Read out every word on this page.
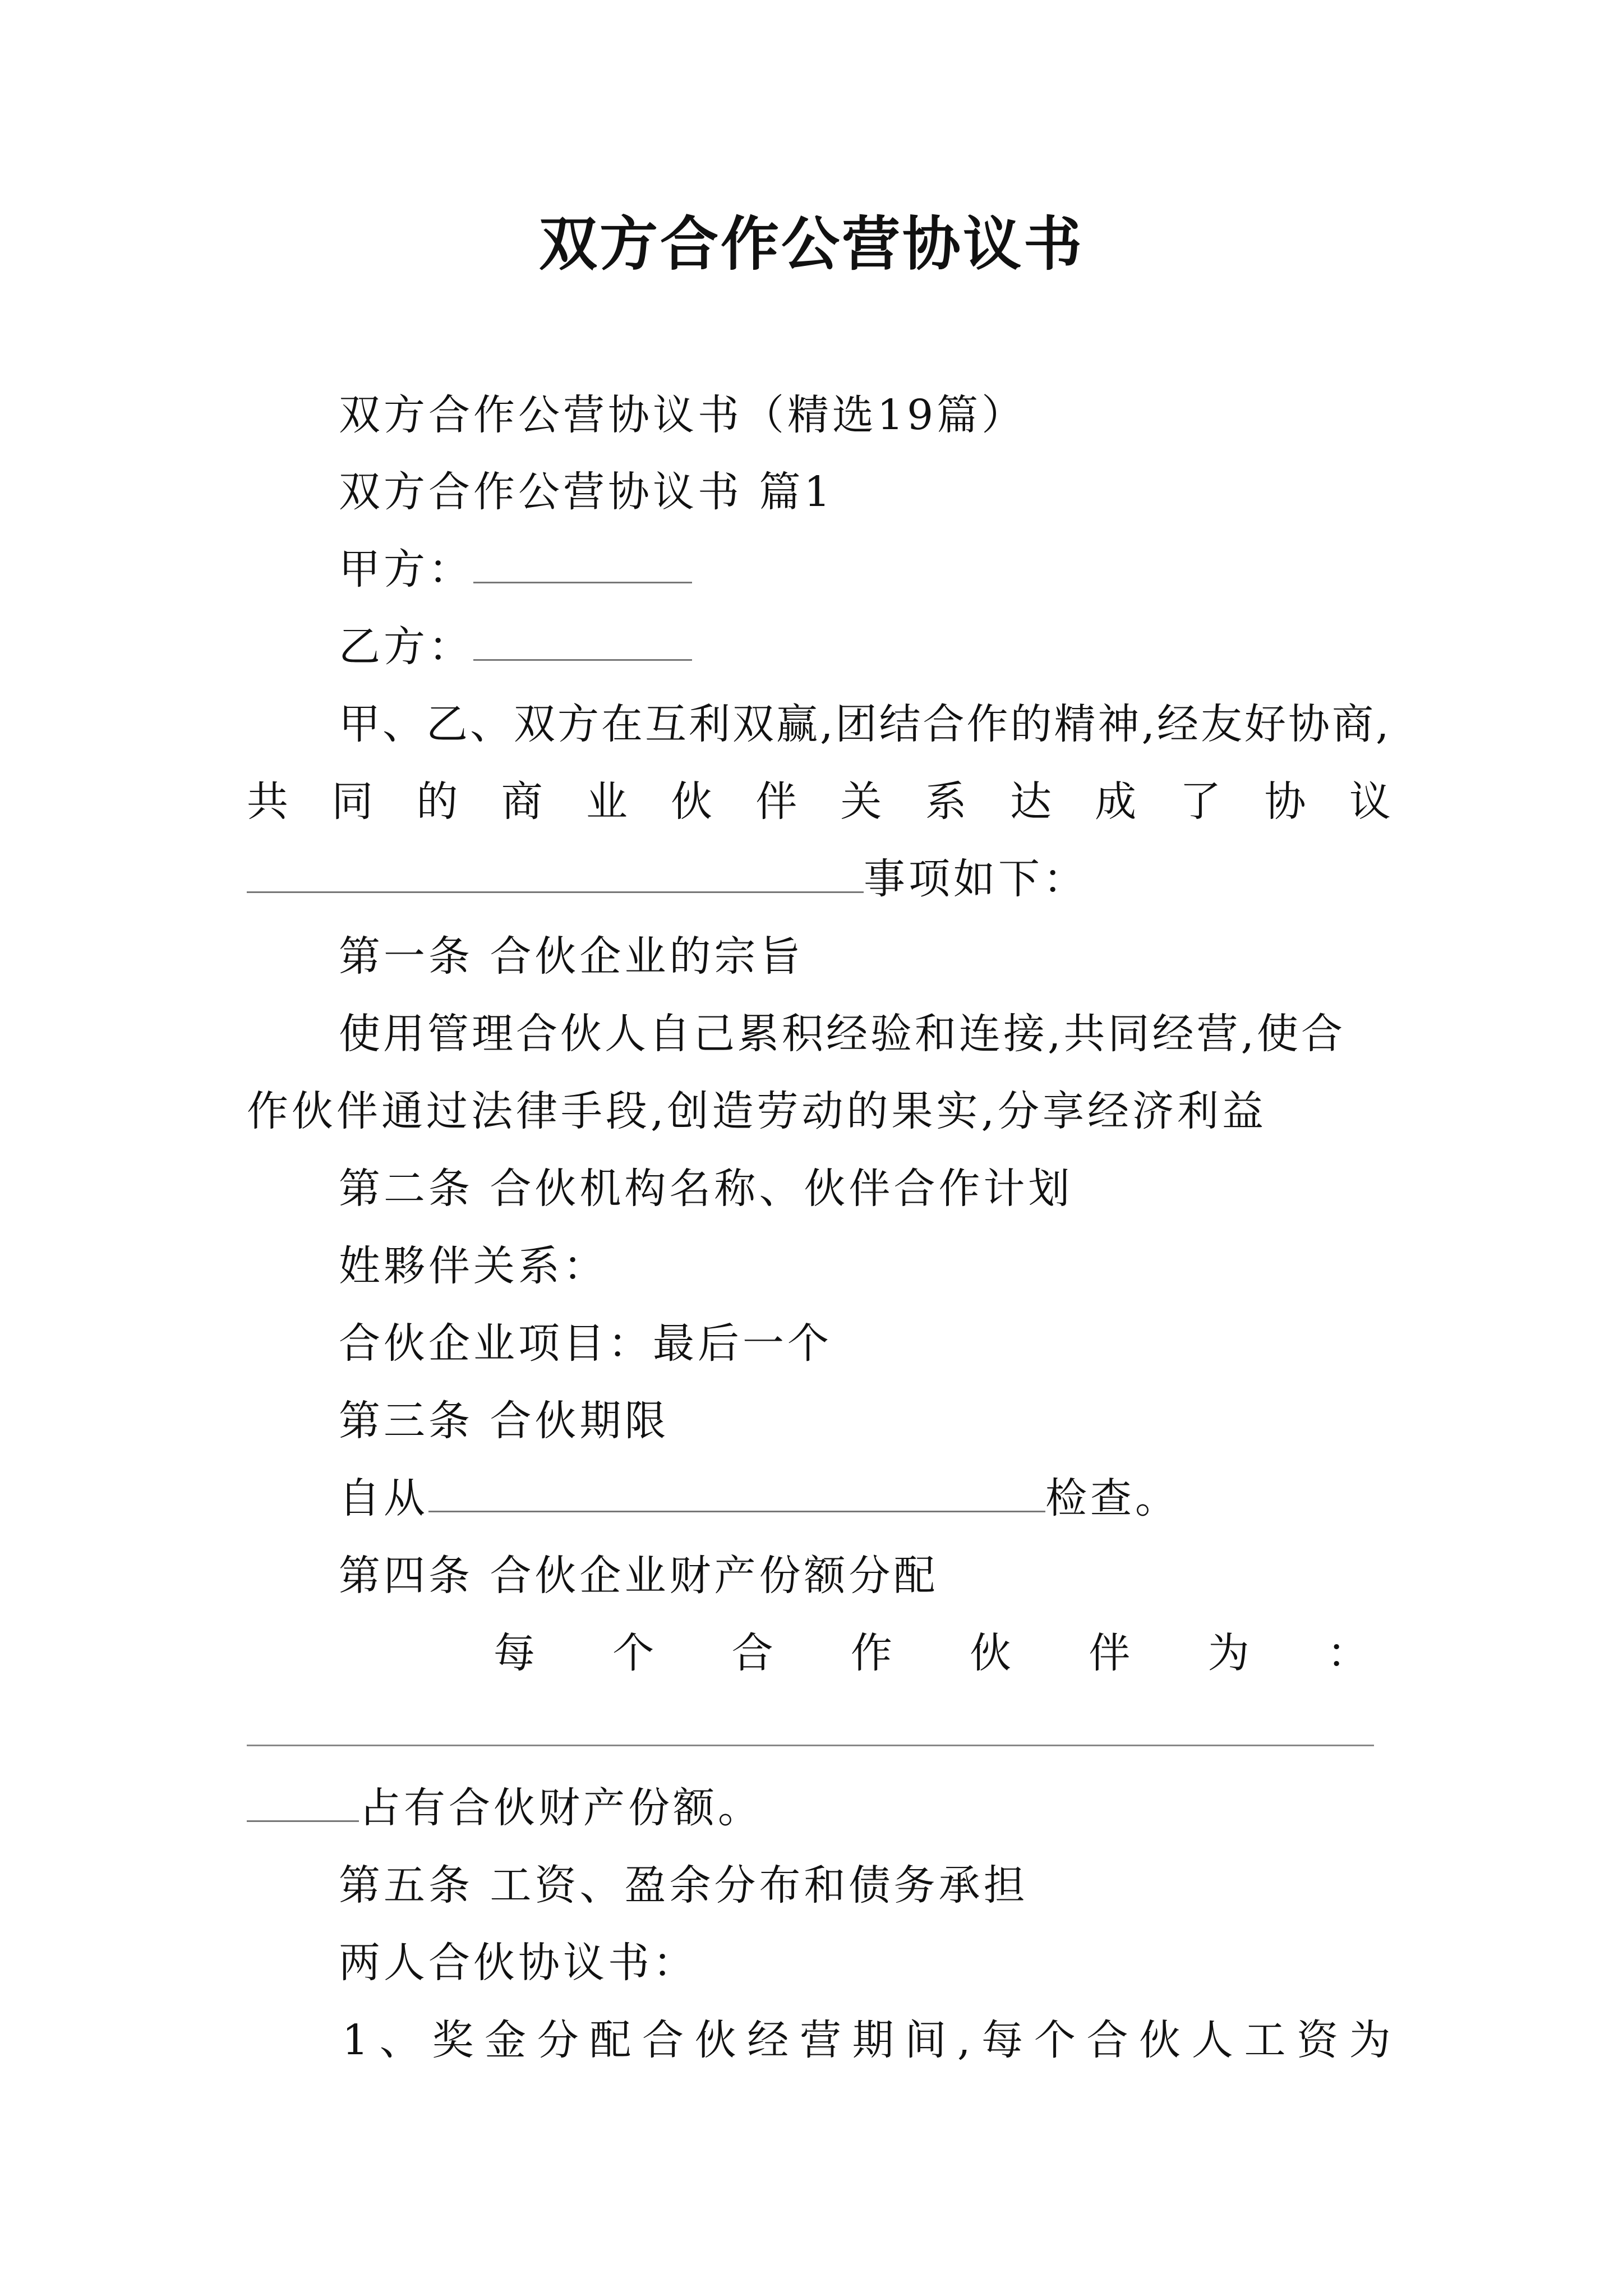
双方合作公营协议书
双方合作公营协议书（精选19篇）
双方合作公营协议书 篇1
甲方：
乙方：
甲、乙、双方在互利双赢,团结合作的精神,经友好协商,
共 同 的 商 业 伙 伴 关 系 达 成 了 协 议
事项如下：
第一条 合伙企业的宗旨
使用管理合伙人自己累积经验和连接,共同经营,使合
作伙伴通过法律手段,创造劳动的果实,分享经济利益
第二条 合伙机构名称、伙伴合作计划
姓夥伴关系：
合伙企业项目：最后一个
第三条 合伙期限
自从	检查。
第四条 合伙企业财产份额分配
每 个 合 作 伙 伴 为 ：
占有合伙财产份额。
第五条 工资、盈余分布和债务承担
两人合伙协议书：
1 、 奖 金 分 配 合 伙 经 营 期 间 , 每 个 合 伙 人 工 资 为
